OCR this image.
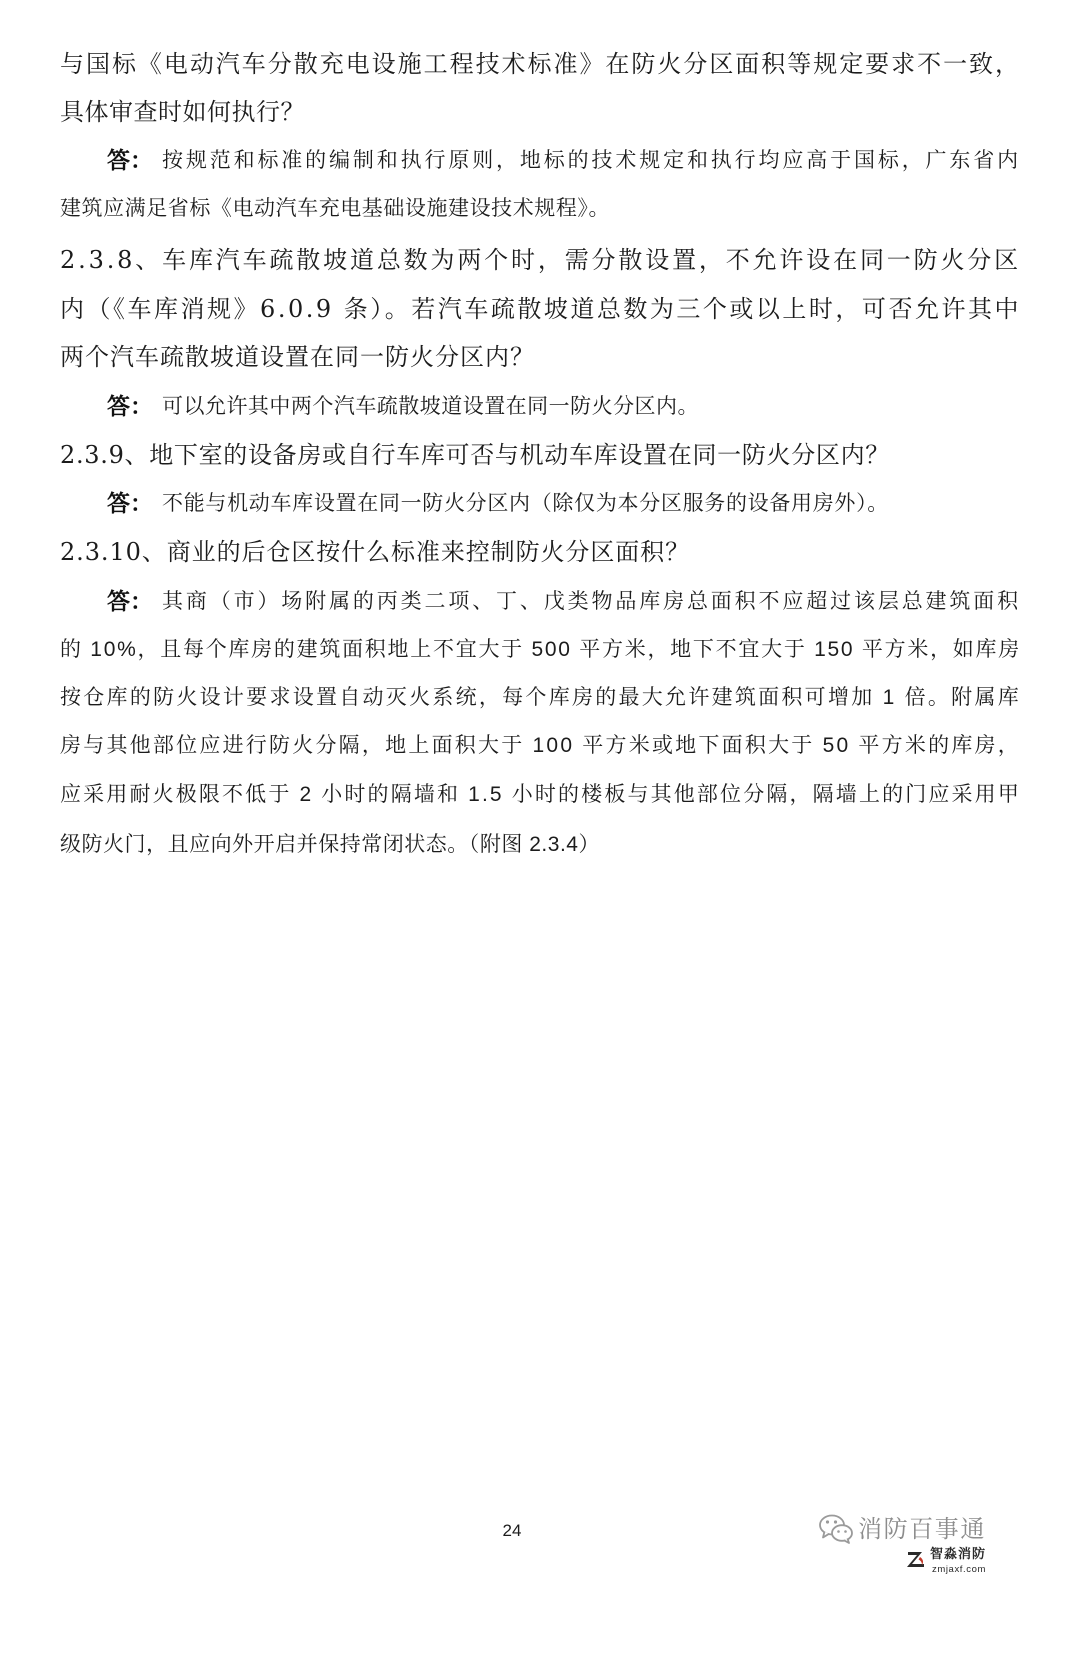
与国标《电动汽车分散充电设施工程技术标准》在防火分区面积等规定要求不一致，
具体审查时如何执行？
答： 按规范和标准的编制和执行原则，地标的技术规定和执行均应高于国标，广东省内
建筑应满足省标《电动汽车充电基础设施建设技术规程》。
2.3.8、车库汽车疏散坡道总数为两个时，需分散设置，不允许设在同一防火分区
内（《车库消规》6.0.9 条）。若汽车疏散坡道总数为三个或以上时，可否允许其中
两个汽车疏散坡道设置在同一防火分区内？
答： 可以允许其中两个汽车疏散坡道设置在同一防火分区内。
2.3.9、地下室的设备房或自行车库可否与机动车库设置在同一防火分区内？
答： 不能与机动车库设置在同一防火分区内（除仅为本分区服务的设备用房外）。
2.3.10、商业的后仓区按什么标准来控制防火分区面积？
答： 其商（市）场附属的丙类二项、丁、戊类物品库房总面积不应超过该层总建筑面积
的 10%，且每个库房的建筑面积地上不宜大于 500 平方米，地下不宜大于 150 平方米，如库房
按仓库的防火设计要求设置自动灭火系统，每个库房的最大允许建筑面积可增加 1 倍。附属库
房与其他部位应进行防火分隔，地上面积大于 100 平方米或地下面积大于 50 平方米的库房，
应采用耐火极限不低于 2 小时的隔墙和 1.5 小时的楼板与其他部位分隔，隔墙上的门应采用甲
级防火门，且应向外开启并保持常闭状态。（附图 2.3.4）
24	消防百事通
智淼消防
zmjaxf.com
